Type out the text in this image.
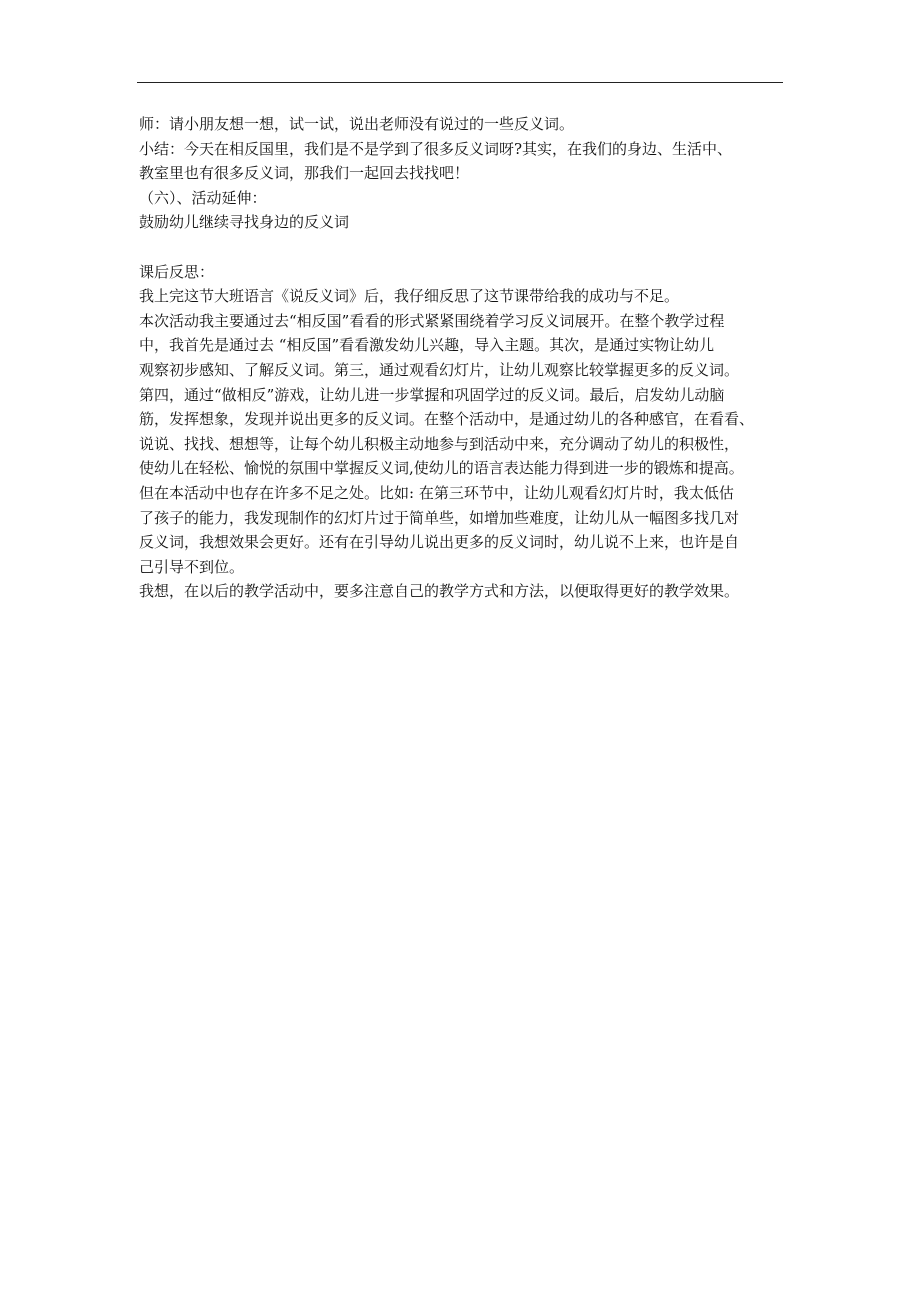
师：请小朋友想一想，试一试，说出老师没有说过的一些反义词。
小结：今天在相反国里，我们是不是学到了很多反义词呀?其实，在我们的身边、生活中、
教室里也有很多反义词，那我们一起回去找找吧！
（六）、活动延伸：
鼓励幼儿继续寻找身边的反义词
课后反思：
我上完这节大班语言《说反义词》后，我仔细反思了这节课带给我的成功与不足。
本次活动我主要通过去“相反国”看看的形式紧紧围绕着学习反义词展开。在整个教学过程
中，我首先是通过去 “相反国”看看激发幼儿兴趣，导入主题。其次，是通过实物让幼儿
观察初步感知、了解反义词。第三，通过观看幻灯片，让幼儿观察比较掌握更多的反义词。
第四，通过“做相反”游戏，让幼儿进一步掌握和巩固学过的反义词。最后，启发幼儿动脑
筋，发挥想象，发现并说出更多的反义词。在整个活动中，是通过幼儿的各种感官，在看看、
说说、找找、想想等，让每个幼儿积极主动地参与到活动中来，充分调动了幼儿的积极性，
使幼儿在轻松、愉悦的氛围中掌握反义词,使幼儿的语言表达能力得到进一步的锻炼和提高。
但在本活动中也存在许多不足之处。比如: 在第三环节中，让幼儿观看幻灯片时，我太低估
了孩子的能力，我发现制作的幻灯片过于简单些，如增加些难度，让幼儿从一幅图多找几对
反义词，我想效果会更好。还有在引导幼儿说出更多的反义词时，幼儿说不上来，也许是自
己引导不到位。
我想，在以后的教学活动中，要多注意自己的教学方式和方法，以便取得更好的教学效果。
